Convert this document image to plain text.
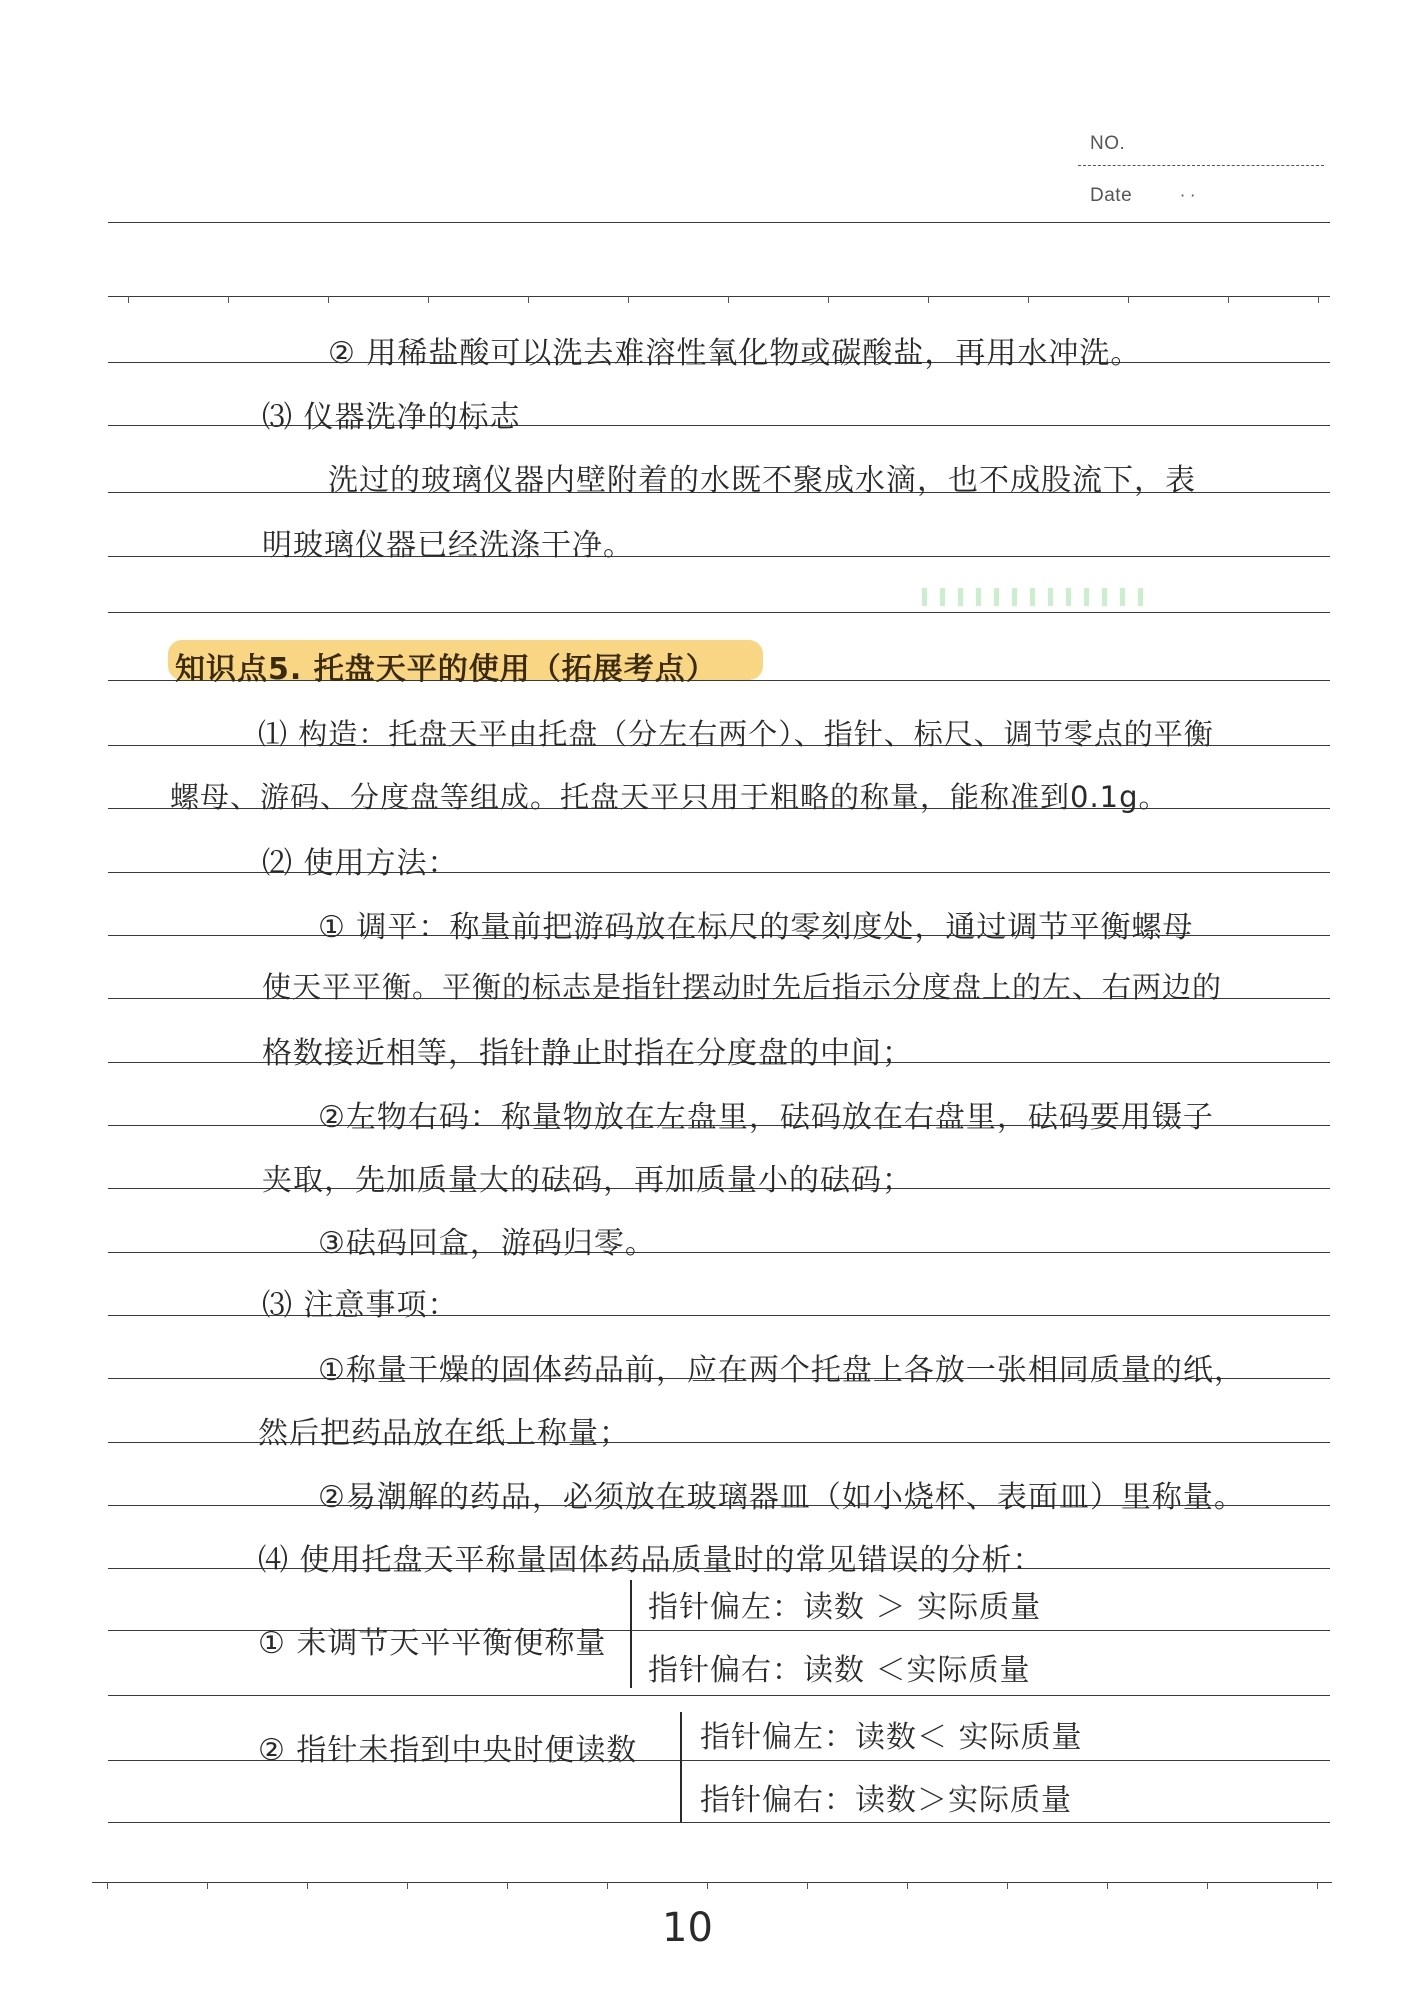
NO.
Date	· ·
② 用稀盐酸可以洗去难溶性氧化物或碳酸盐，再用水冲洗。
⑶ 仪器洗净的标志
洗过的玻璃仪器内壁附着的水既不聚成水滴，也不成股流下，表
明玻璃仪器已经洗涤干净。
知识点5. 托盘天平的使用（拓展考点）
⑴ 构造：托盘天平由托盘（分左右两个）、指针、标尺、调节零点的平衡
螺母、游码、分度盘等组成。托盘天平只用于粗略的称量，能称准到0.1g。
⑵ 使用方法：
① 调平：称量前把游码放在标尺的零刻度处，通过调节平衡螺母
使天平平衡。平衡的标志是指针摆动时先后指示分度盘上的左、右两边的
格数接近相等，指针静止时指在分度盘的中间；
②左物右码：称量物放在左盘里，砝码放在右盘里，砝码要用镊子
夹取，先加质量大的砝码，再加质量小的砝码；
③砝码回盒，游码归零。
⑶ 注意事项：
①称量干燥的固体药品前，应在两个托盘上各放一张相同质量的纸，
然后把药品放在纸上称量；
②易潮解的药品，必须放在玻璃器皿（如小烧杯、表面皿）里称量。
⑷ 使用托盘天平称量固体药品质量时的常见错误的分析：
① 未调节天平平衡便称量
指针偏左：读数 ＞ 实际质量
指针偏右：读数 ＜实际质量
② 指针未指到中央时便读数 指针偏左：读数＜ 实际质量
指针偏右：读数＞实际质量
10
